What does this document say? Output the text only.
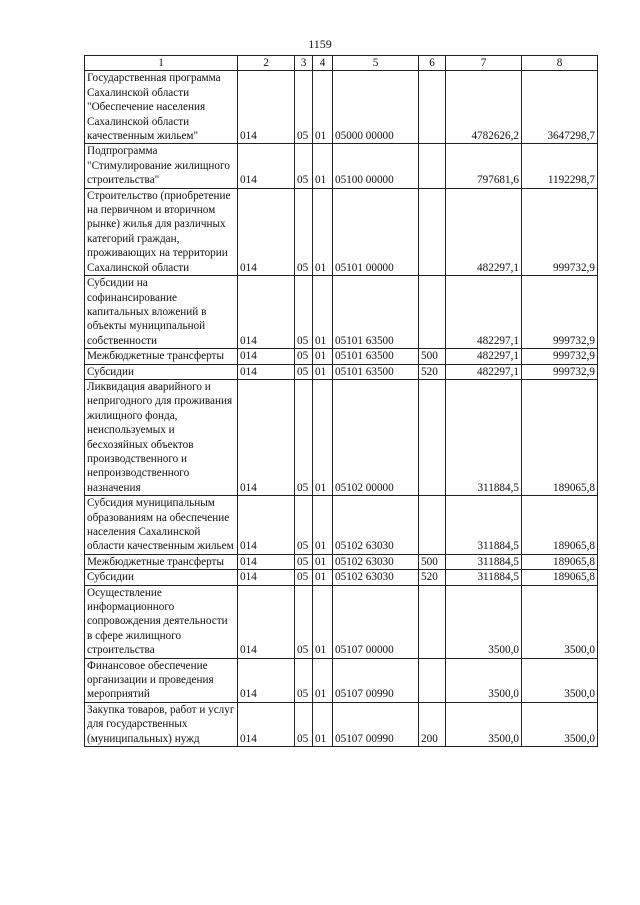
1159
1	2	3	4	5	6	7	8
Государственная программа Сахалинской области "Обеспечение населения Сахалинской области качественным жильем"	014	05	01	05000 00000		4782626,2	3647298,7
Подпрограмма "Стимулирование жилищного строительства"	014	05	01	05100 00000		797681,6	1192298,7
Строительство (приобретение на первичном и вторичном рынке) жилья для различных категорий граждан, проживающих на территории Сахалинской области	014	05	01	05101 00000		482297,1	999732,9
Субсидии на софинансирование капитальных вложений в объекты муниципальной собственности	014	05	01	05101 63500		482297,1	999732,9
Межбюджетные трансферты	014	05	01	05101 63500	500	482297,1	999732,9
Субсидии	014	05	01	05101 63500	520	482297,1	999732,9
Ликвидация аварийного и непригодного для проживания жилищного фонда, неиспользуемых и бесхозяйных объектов производственного и непроизводственного назначения	014	05	01	05102 00000		311884,5	189065,8
Субсидия муниципальным образованиям на обеспечение населения Сахалинской области качественным жильем	014	05	01	05102 63030		311884,5	189065,8
Межбюджетные трансферты	014	05	01	05102 63030	500	311884,5	189065,8
Субсидии	014	05	01	05102 63030	520	311884,5	189065,8
Осуществление информационного сопровождения деятельности в сфере жилищного строительства	014	05	01	05107 00000		3500,0	3500,0
Финансовое обеспечение организации и проведения мероприятий	014	05	01	05107 00990		3500,0	3500,0
Закупка товаров, работ и услуг для государственных (муниципальных) нужд	014	05	01	05107 00990	200	3500,0	3500,0
